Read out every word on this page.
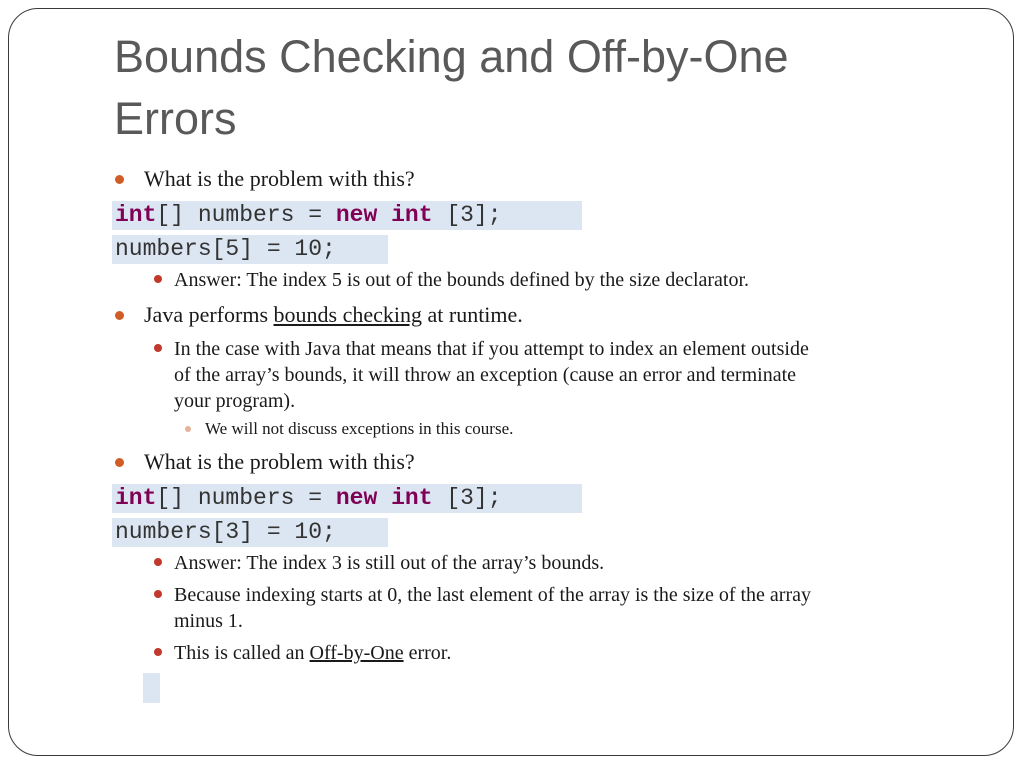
Bounds Checking and Off-by-One Errors
What is the problem with this?
int[] numbers = new int [3];
numbers[5] = 10;
Answer: The index 5 is out of the bounds defined by the size declarator.
Java performs bounds checking at runtime.
In the case with Java that means that if you attempt to index an element outside
of the array’s bounds, it will throw an exception (cause an error and terminate
your program).
We will not discuss exceptions in this course.
What is the problem with this?
int[] numbers = new int [3];
numbers[3] = 10;
Answer: The index 3 is still out of the array’s bounds.
Because indexing starts at 0, the last element of the array is the size of the array
minus 1.
This is called an Off-by-One error.
